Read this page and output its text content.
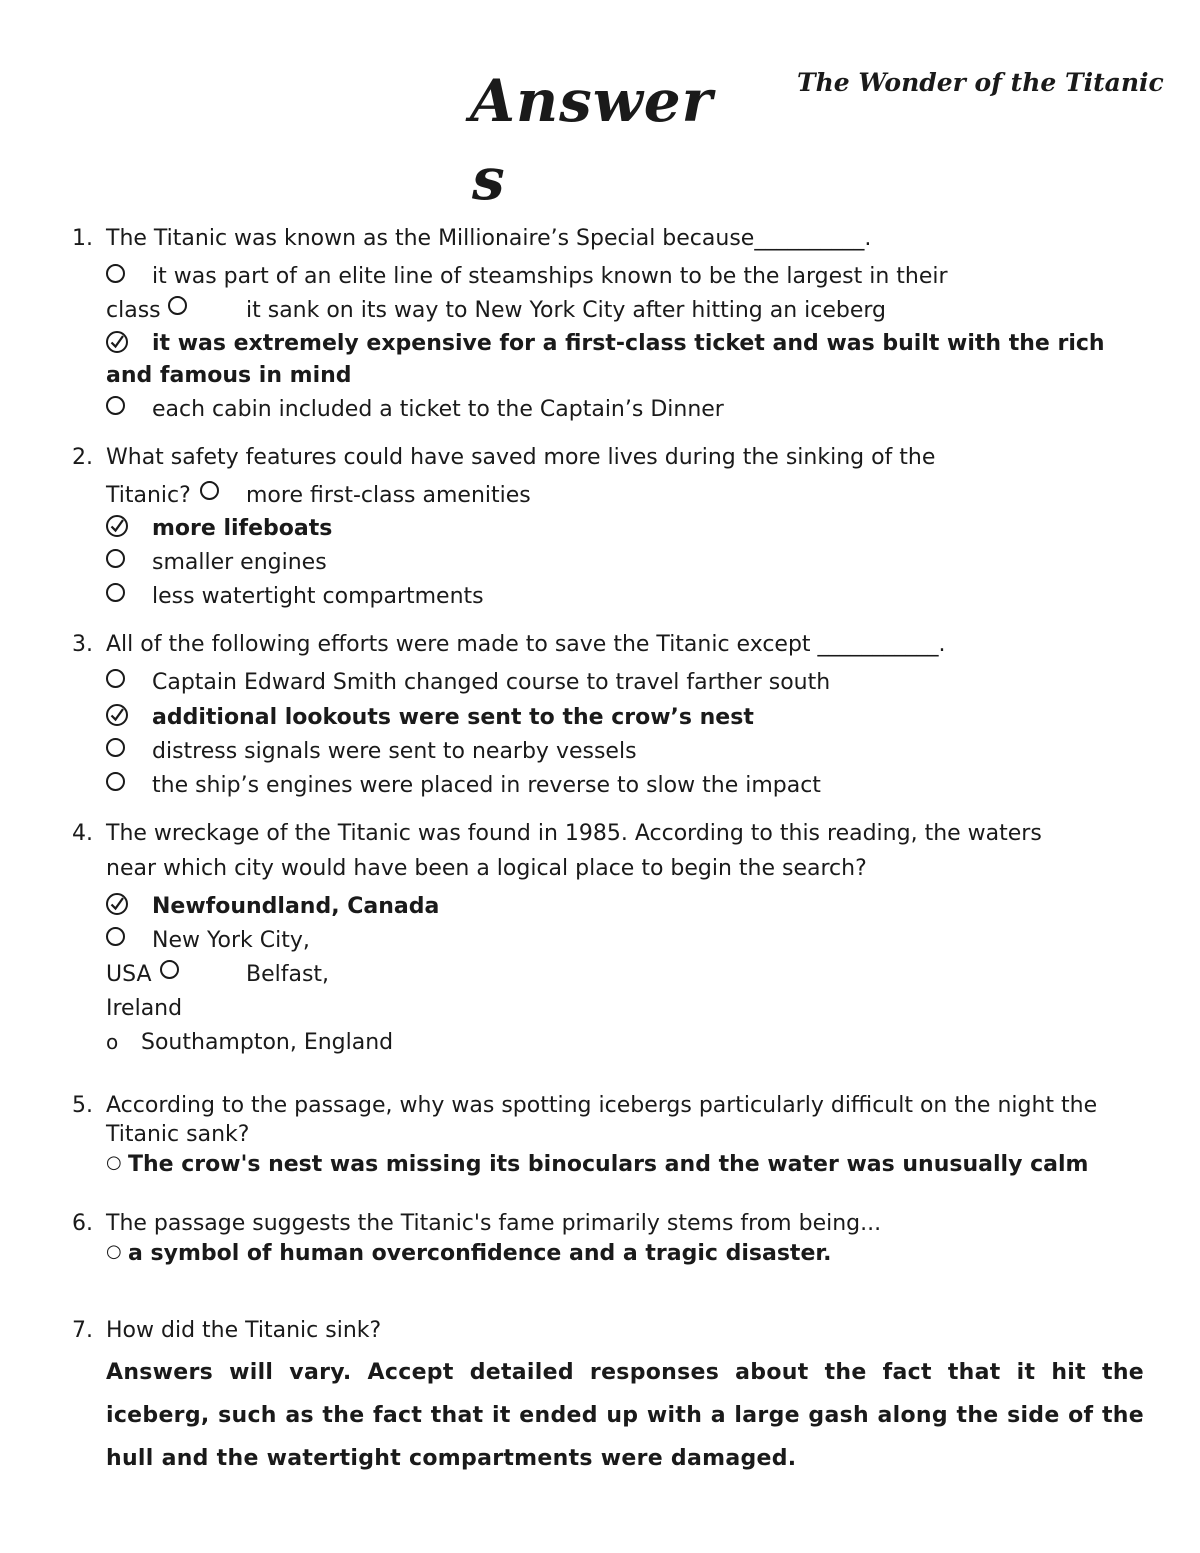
Answer
s
The Wonder of the Titanic
1. The Titanic was known as the Millionaire’s Special because__________.
it was part of an elite line of steamships known to be the largest in their
class	it sank on its way to New York City after hitting an iceberg
it was extremely expensive for a first-class ticket and was built with the rich
and famous in mind
each cabin included a ticket to the Captain’s Dinner
2. What safety features could have saved more lives during the sinking of the
Titanic?	more first-class amenities
more lifeboats
smaller engines
less watertight compartments
3. All of the following efforts were made to save the Titanic except ___________.
Captain Edward Smith changed course to travel farther south
additional lookouts were sent to the crow’s nest
distress signals were sent to nearby vessels
the ship’s engines were placed in reverse to slow the impact
4. The wreckage of the Titanic was found in 1985. According to this reading, the waters
near which city would have been a logical place to begin the search?
Newfoundland, Canada
New York City,
USA	Belfast,
Ireland
o Southampton, England
5. According to the passage, why was spotting icebergs particularly difficult on the night the
Titanic sank?
○ The crow's nest was missing its binoculars and the water was unusually calm
6. The passage suggests the Titanic's fame primarily stems from being...
○ a symbol of human overconfidence and a tragic disaster.
7. How did the Titanic sink?
Answers will vary. Accept detailed responses about the fact that it hit the iceberg, such as the fact that it ended up with a large gash along the side of the hull and the watertight compartments were damaged.
